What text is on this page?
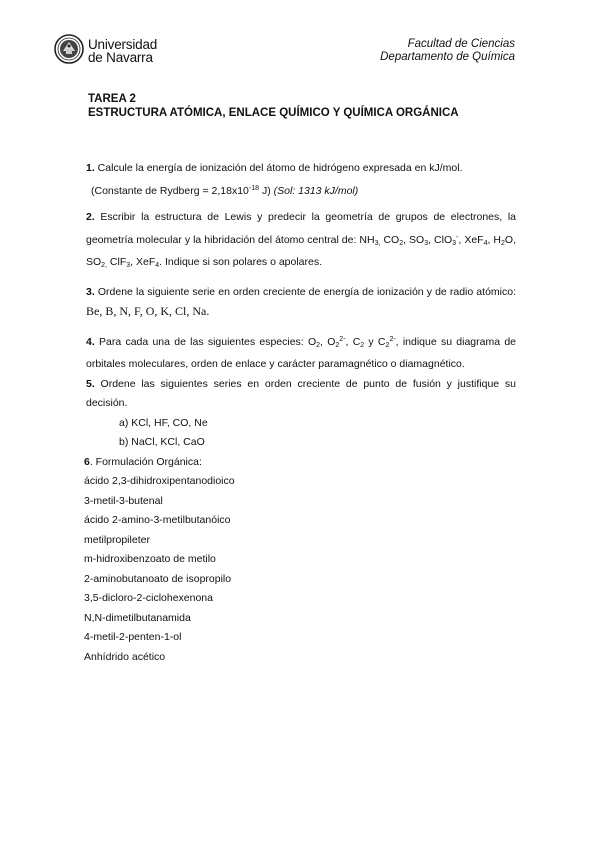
Universidad
de Navarra
Facultad de Ciencias
Departamento de Química
TAREA 2
ESTRUCTURA ATÓMICA, ENLACE QUÍMICO Y QUÍMICA ORGÁNICA
1. Calcule la energía de ionización del átomo de hidrógeno expresada en kJ/mol.
(Constante de Rydberg = $2,18x10^{-18}$ J) (Sol: 1313 kJ/mol)
2. Escribir la estructura de Lewis y predecir la geometría de grupos de electrones, la geometría molecular y la hibridación del átomo central de: $NH_{3,}$ $CO_2$, $SO_3$, ClO$_3$-, XeF$_4$, $H_2O$, $SO_{2,}$ ClF$_3$, XeF$_4$. Indique si son polares o apolares.
3. Ordene la siguiente serie en orden creciente de energía de ionización y de radio atómico: Be, B, N, F, O, K, Cl, Na.
4. Para cada una de las siguientes especies: $O_2$, $O_2^{2-}$, $C_2$ y $C_2^{2-}$, indique su diagrama de orbitales moleculares, orden de enlace y carácter paramagnético o diamagnético.
5. Ordene las siguientes series en orden creciente de punto de fusión y justifique su decisión.
a) KCl, HF, CO, Ne
b) NaCl, KCl, CaO
6. Formulación Orgánica:
ácido 2,3-dihidroxipentanodioico
3-metil-3-butenal
ácido 2-amino-3-metilbutanóico
metilpropileter
m-hidroxibenzoato de metilo
2-aminobutanoato de isopropilo
3,5-dicloro-2-ciclohexenona
N,N-dimetilbutanamida
4-metil-2-penten-1-ol
Anhídrido acético
